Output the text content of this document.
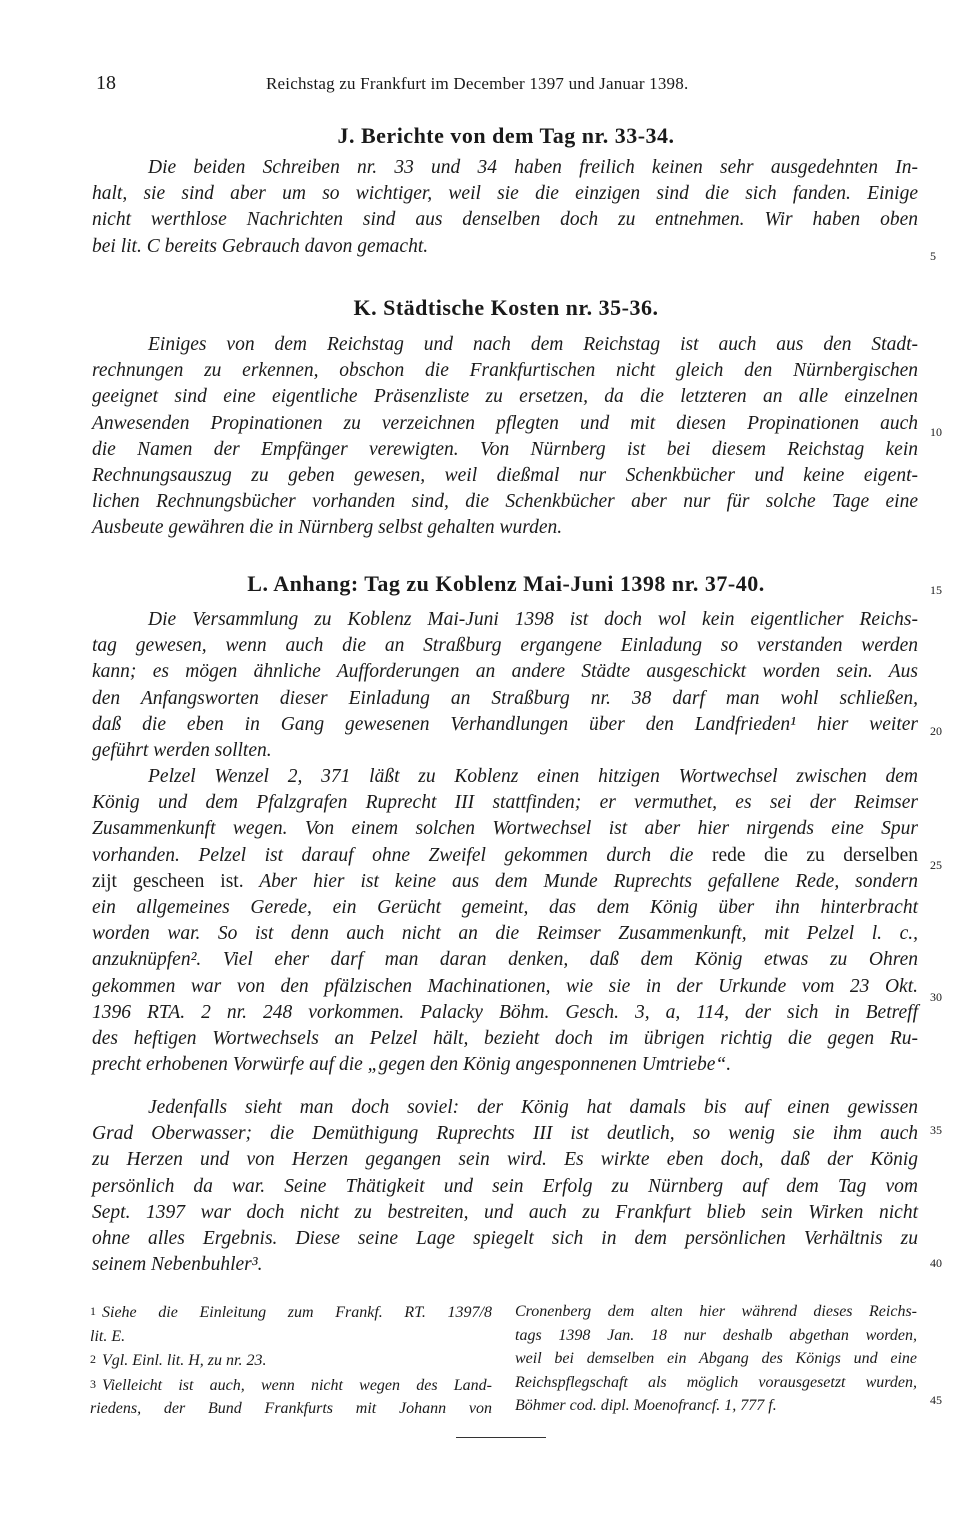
18	Reichstag zu Frankfurt im December 1397 und Januar 1398.
J. Berichte von dem Tag nr. 33-34.
Die beiden Schreiben nr. 33 und 34 haben freilich keinen sehr ausgedehnten In-
halt, sie sind aber um so wichtiger, weil sie die einzigen sind die sich fanden. Einige
nicht werthlose Nachrichten sind aus denselben doch zu entnehmen. Wir haben oben
bei lit. C bereits Gebrauch davon gemacht.
K. Städtische Kosten nr. 35-36.
Einiges von dem Reichstag und nach dem Reichstag ist auch aus den Stadt-
rechnungen zu erkennen, obschon die Frankfurtischen nicht gleich den Nürnbergischen
geeignet sind eine eigentliche Präsenzliste zu ersetzen, da die letzteren an alle einzelnen
Anwesenden Propinationen zu verzeichnen pflegten und mit diesen Propinationen auch
die Namen der Empfänger verewigten. Von Nürnberg ist bei diesem Reichstag kein
Rechnungsauszug zu geben gewesen, weil dießmal nur Schenkbücher und keine eigent-
lichen Rechnungsbücher vorhanden sind, die Schenkbücher aber nur für solche Tage eine
Ausbeute gewähren die in Nürnberg selbst gehalten wurden.
L. Anhang: Tag zu Koblenz Mai-Juni 1398 nr. 37-40.
Die Versammlung zu Koblenz Mai-Juni 1398 ist doch wol kein eigentlicher Reichs-
tag gewesen, wenn auch die an Straßburg ergangene Einladung so verstanden werden
kann; es mögen ähnliche Aufforderungen an andere Städte ausgeschickt worden sein. Aus
den Anfangsworten dieser Einladung an Straßburg nr. 38 darf man wohl schließen,
daß die eben in Gang gewesenen Verhandlungen über den Landfrieden¹ hier weiter
geführt werden sollten.
Pelzel Wenzel 2, 371 läßt zu Koblenz einen hitzigen Wortwechsel zwischen dem
König und dem Pfalzgrafen Ruprecht III stattfinden; er vermuthet, es sei der Reimser
Zusammenkunft wegen. Von einem solchen Wortwechsel ist aber hier nirgends eine Spur
vorhanden. Pelzel ist darauf ohne Zweifel gekommen durch die rede die zu derselben
zijt gescheen ist. Aber hier ist keine aus dem Munde Ruprechts gefallene Rede, sondern
ein allgemeines Gerede, ein Gerücht gemeint, das dem König über ihn hinterbracht
worden war. So ist denn auch nicht an die Reimser Zusammenkunft, mit Pelzel l. c.,
anzuknüpfen². Viel eher darf man daran denken, daß dem König etwas zu Ohren
gekommen war von den pfälzischen Machinationen, wie sie in der Urkunde vom 23 Okt.
1396 RTA. 2 nr. 248 vorkommen. Palacky Böhm. Gesch. 3, a, 114, der sich in Betreff
des heftigen Wortwechsels an Pelzel hält, bezieht doch im übrigen richtig die gegen Ru-
precht erhobenen Vorwürfe auf die „gegen den König angesponnenen Umtriebe“.
Jedenfalls sieht man doch soviel: der König hat damals bis auf einen gewissen
Grad Oberwasser; die Demüthigung Ruprechts III ist deutlich, so wenig sie ihm auch
zu Herzen und von Herzen gegangen sein wird. Es wirkte eben doch, daß der König
persönlich da war. Seine Thätigkeit und sein Erfolg zu Nürnberg auf dem Tag vom
Sept. 1397 war doch nicht zu bestreiten, und auch zu Frankfurt blieb sein Wirken nicht
ohne alles Ergebnis. Diese seine Lage spiegelt sich in dem persönlichen Verhältnis zu
seinem Nebenbuhler³.
5
10
15
20
25
30
35
40
45
1 Siehe die Einleitung zum Frankf. RT. 1397/8
lit. E.
2 Vgl. Einl. lit. H, zu nr. 23.
3 Vielleicht ist auch, wenn nicht wegen des Land-
riedens, der Bund Frankfurts mit Johann von
Cronenberg dem alten hier während dieses Reichs-
tags 1398 Jan. 18 nur deshalb abgethan worden,
weil bei demselben ein Abgang des Königs und eine
Reichspflegschaft als möglich vorausgesetzt wurden,
Böhmer cod. dipl. Moenofrancf. 1, 777 f.
